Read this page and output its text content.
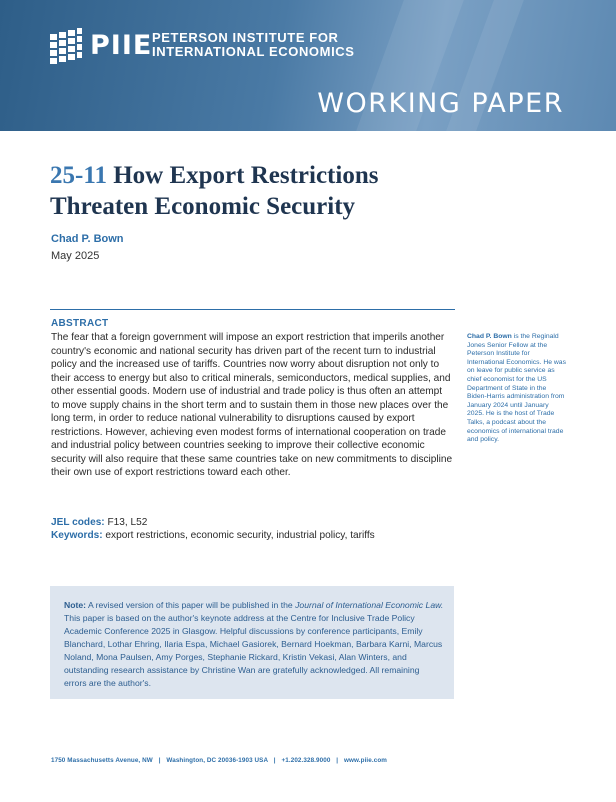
PIIE PETERSON INSTITUTE FOR
INTERNATIONAL ECONOMICS
WORKING PAPER
25-11 How Export Restrictions
Threaten Economic Security
Chad P. Bown
May 2025
ABSTRACT

The fear that a foreign government will impose an export restriction that imperils another country's economic and national security has driven part of the recent turn to industrial policy and the increased use of tariffs. Countries now worry about disruption not only to their access to energy but also to critical minerals, semiconductors, medical supplies, and other essential goods. Modern use of industrial and trade policy is thus often an attempt to move supply chains in the short term and to sustain them in those new places over the long term, in order to reduce national vulnerability to disruptions caused by export restrictions. However, achieving even modest forms of international cooperation on trade and industrial policy between countries seeking to improve their collective economic security will also require that these same countries take on new commitments to discipline their own use of export restrictions toward each other.

Chad P. Bown is the Reginald Jones Senior Fellow at the Peterson Institute for International Economics. He was on leave for public service as chief economist for the US Department of State in the Biden-Harris administration from January 2024 until January 2025. He is the host of Trade Talks, a podcast about the economics of international trade and policy.

JEL codes: F13, L52
Keywords: export restrictions, economic security, industrial policy, tariffs

Note: A revised version of this paper will be published in the Journal of International Economic Law. This paper is based on the author's keynote address at the Centre for Inclusive Trade Policy Academic Conference 2025 in Glasgow. Helpful discussions by conference participants, Emily Blanchard, Lothar Ehring, Ilaria Espa, Michael Gasiorek, Bernard Hoekman, Barbara Karni, Marcus Noland, Mona Paulsen, Amy Porges, Stephanie Rickard, Kristin Vekasi, Alan Winters, and outstanding research assistance by Christine Wan are gratefully acknowledged. All remaining errors are the author's.

1750 Massachusetts Avenue, NW | Washington, DC 20036-1903 USA | +1.202.328.9000 | www.piie.com
